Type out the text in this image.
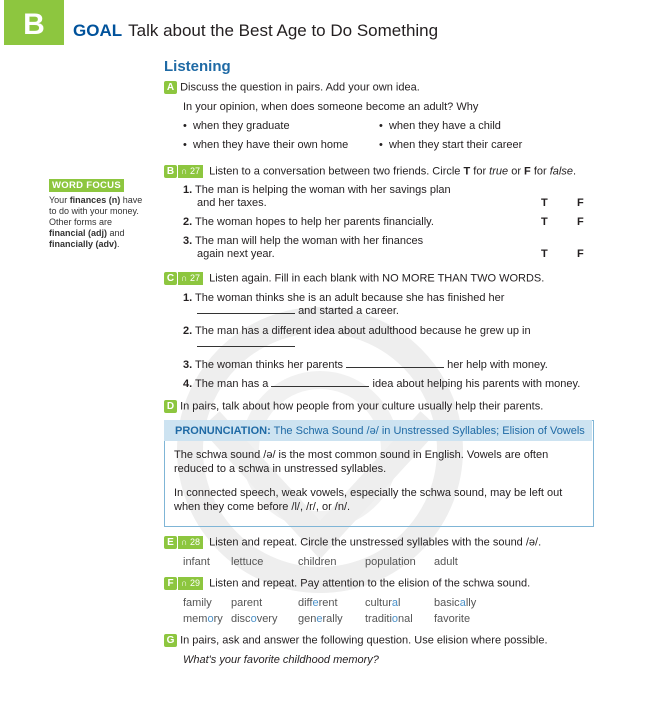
B	GOAL Talk about the Best Age to Do Something
Listening
WORD FOCUS
Your finances (n) have to do with your money.
Other forms are financial (adj) and financially (adv).
A Discuss the question in pairs. Add your own idea.
In your opinion, when does someone become an adult? Why
•  when they graduate	•  when they have a child
•  when they have their own home	•  when they start their career
B ∩ 27 Listen to a conversation between two friends. Circle T for true or F for false.
1. The man is helping the woman with her savings plan
and her taxes.	T	F
2. The woman hopes to help her parents financially.	T	F
3. The man will help the woman with her finances
again next year.	T	F
C ∩ 27 Listen again. Fill in each blank with NO MORE THAN TWO WORDS.
1. The woman thinks she is an adult because she has finished her
and started a career.
2. The man has a different idea about adulthood because he grew up in
3. The woman thinks her parents	her help with money.
4. The man has a	idea about helping his parents with money.
D In pairs, talk about how people from your culture usually help their parents.
PRONUNCIATION: The Schwa Sound /ə/ in Unstressed Syllables; Elision of Vowels
The schwa sound /ə/ is the most common sound in English. Vowels are often
reduced to a schwa in unstressed syllables.
In connected speech, weak vowels, especially the schwa sound, may be left out
when they come before /l/, /r/, or /n/.
E ∩ 28 Listen and repeat. Circle the unstressed syllables with the sound /ə/.
infant lettuce	children	population adult
F ∩ 29 Listen and repeat. Pay attention to the elision of the schwa sound.
family parent	different cultural	basically
memory discovery generally traditional favorite
G In pairs, ask and answer the following question. Use elision where possible.
What's your favorite childhood memory?
